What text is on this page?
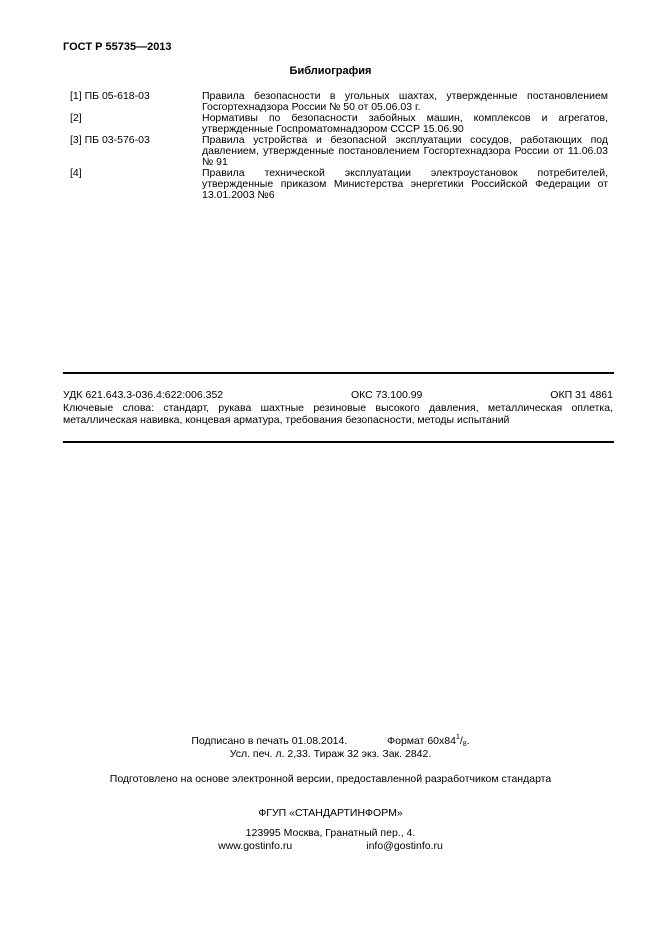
ГОСТ Р 55735—2013
Библиография
[1] ПБ 05-618-03	Правила безопасности в угольных шахтах, утвержденные постановлением Госгортехнадзора России № 50 от 05.06.03 г.
[2]	Нормативы по безопасности забойных машин, комплексов и агрегатов, утвержденные Госпроматомнадзором СССР 15.06.90
[3] ПБ 03-576-03	Правила устройства и безопасной эксплуатации сосудов, работающих под давлением, утвержденные постановлением Госгортехнадзора России от 11.06.03 № 91
[4]	Правила технической эксплуатации электроустановок потребителей, утвержденные приказом Министерства энергетики Российской Федерации от 13.01.2003 №6
УДК 621.643.3-036.4:622:006.352	ОКС 73.100.99	ОКП 31 4861
Ключевые слова: стандарт, рукава шахтные резиновые высокого давления, металлическая оплетка, металлическая навивка, концевая арматура, требования безопасности, методы испытаний
Подписано в печать 01.08.2014.	Формат $60х84^1/_8$.
Усл. печ. л. 2,33. Тираж 32 экз. Зак. 2842.
Подготовлено на основе электронной версии, предоставленной разработчиком стандарта
ФГУП «СТАНДАРТИНФОРМ»
123995 Москва, Гранатный пер., 4.
www.gostinfo.ru	info@gostinfo.ru
